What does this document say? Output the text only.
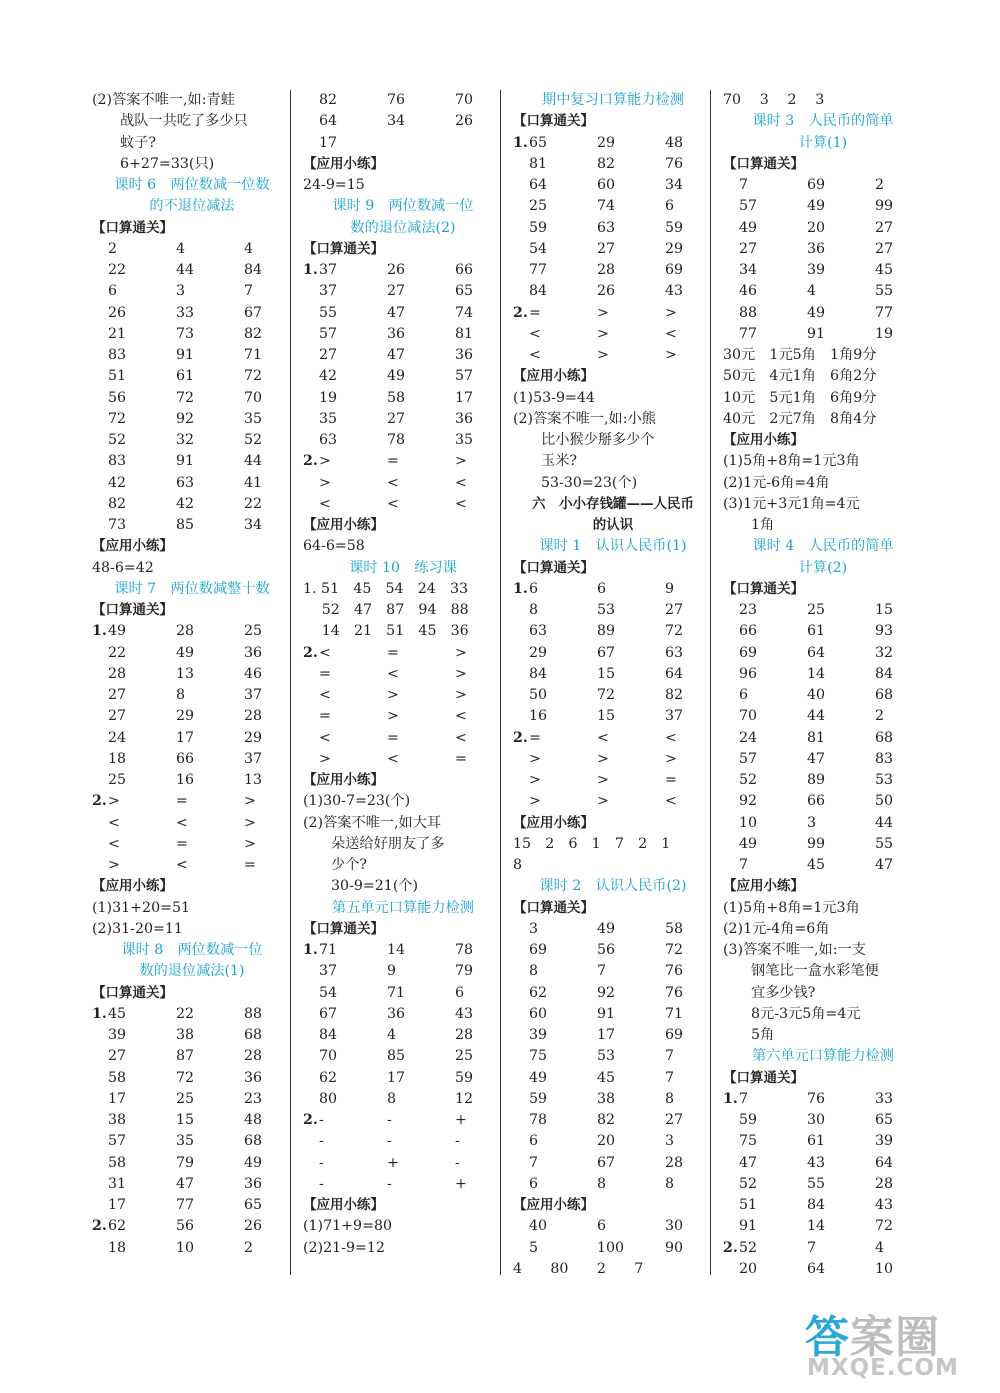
(2)答案不唯一,如:青蛙
战队一共吃了多少只
蚊子?
6+27=33(只)
课时 6　两位数减一位数
的不退位减法
【口算通关】
2	4	4
22	44	84
6	3	7
26	33	67
21	73	82
83	91	71
51	61	72
56	72	70
72	92	35
52	32	52
83	91	44
42	63	41
82	42	22
73	85	34
【应用小练】
48-6=42
课时 7　两位数减整十数
【口算通关】
1.49	28	25
22	49	36
28	13	46
27	8	37
27	29	28
24	17	29
18	66	37
25	16	13
2.>	=	>
<	<	>
<	=	>
>	<	=
【应用小练】
(1)31+20=51
(2)31-20=11
课时 8　两位数减一位
数的退位减法(1)
【口算通关】
1.45	22	88
39	38	68
27	87	28
58	72	36
17	25	23
38	15	48
57	35	68
58	79	49
31	47	36
17	77	65
2.62	56	26
18	10	2
82	76	70
64	34	26
17
【应用小练】
24-9=15
课时 9　两位数减一位
数的退位减法(2)
【口算通关】
1.37	26	66
37	27	65
55	47	74
57	36	81
27	47	36
42	49	57
19	58	17
35	27	36
63	78	35
2.>	=	>
>	<	<
<	<	<
【应用小练】
64-6=58
课时 10　练习课
1. 51　45　54　24　33
　 52　47　87　94　88
　 14　21　51　45　36
2.<	=	>
=	<	>
<	>	>
=	>	<
<	=	<
>	<	=
【应用小练】
(1)30-7=23(个)
(2)答案不唯一,如大耳
朵送给好朋友了多
少个?
30-9=21(个)
第五单元口算能力检测
【口算通关】
1.71	14	78
37	9	79
54	71	6
67	36	43
84	4	28
70	85	25
62	17	59
80	8	12
2.-	-	+
-	-	-
-	+	-
-	-	+
【应用小练】
(1)71+9=80
(2)21-9=12
期中复习口算能力检测
【口算通关】
1.65	29	48
81	82	76
64	60	34
25	74	6
59	63	59
54	27	29
77	28	69
84	26	43
2.=	>	>
<	>	<
<	>	>
【应用小练】
(1)53-9=44
(2)答案不唯一,如:小熊
比小猴少掰多少个
玉米?
53-30=23(个)
六　小小存钱罐——人民币
的认识
课时 1　认识人民币(1)
【口算通关】
1.6	6	9
8	53	27
63	89	72
29	67	63
84	15	64
50	72	82
16	15	37
2.=	<	<
>	>	>
>	>	=
>	>	<
【应用小练】
15　2　6　1　7　2　1
8
课时 2　认识人民币(2)
【口算通关】
3	49	58
69	56	72
8	7	76
62	92	76
60	91	71
39	17	69
75	53	7
49	45	7
59	38	8
78	82	27
6	20	3
7	67	28
6	8	8
【应用小练】
40	6	30
5	100	90
4　　80　　2　　7
70　 3　 2　 3
课时 3　人民币的简单
计算(1)
【口算通关】
7	69	2
57	49	99
49	20	27
27	36	27
34	39	45
46	4	55
88	49	77
77	91	19
30元　1元5角　1角9分
50元　4元1角　6角2分
10元　5元1角　6角9分
40元　2元7角　8角4分
【应用小练】
(1)5角+8角=1元3角
(2)1元-6角=4角
(3)1元+3元1角=4元
1角
课时 4　人民币的简单
计算(2)
【口算通关】
23	25	15
66	61	93
69	64	32
96	14	84
6	40	68
70	44	2
24	81	68
57	47	83
52	89	53
92	66	50
10	3	44
49	99	55
7	45	47
【应用小练】
(1)5角+8角=1元3角
(2)1元-4角=6角
(3)答案不唯一,如:一支
钢笔比一盒水彩笔便
宜多少钱?
8元-3元5角=4元
5角
第六单元口算能力检测
【口算通关】
1.7	76	33
59	30	65
75	61	39
47	43	64
52	55	28
51	84	43
91	14	72
2.52	7	4
20	64	10
答案圈
MXQE.COM
